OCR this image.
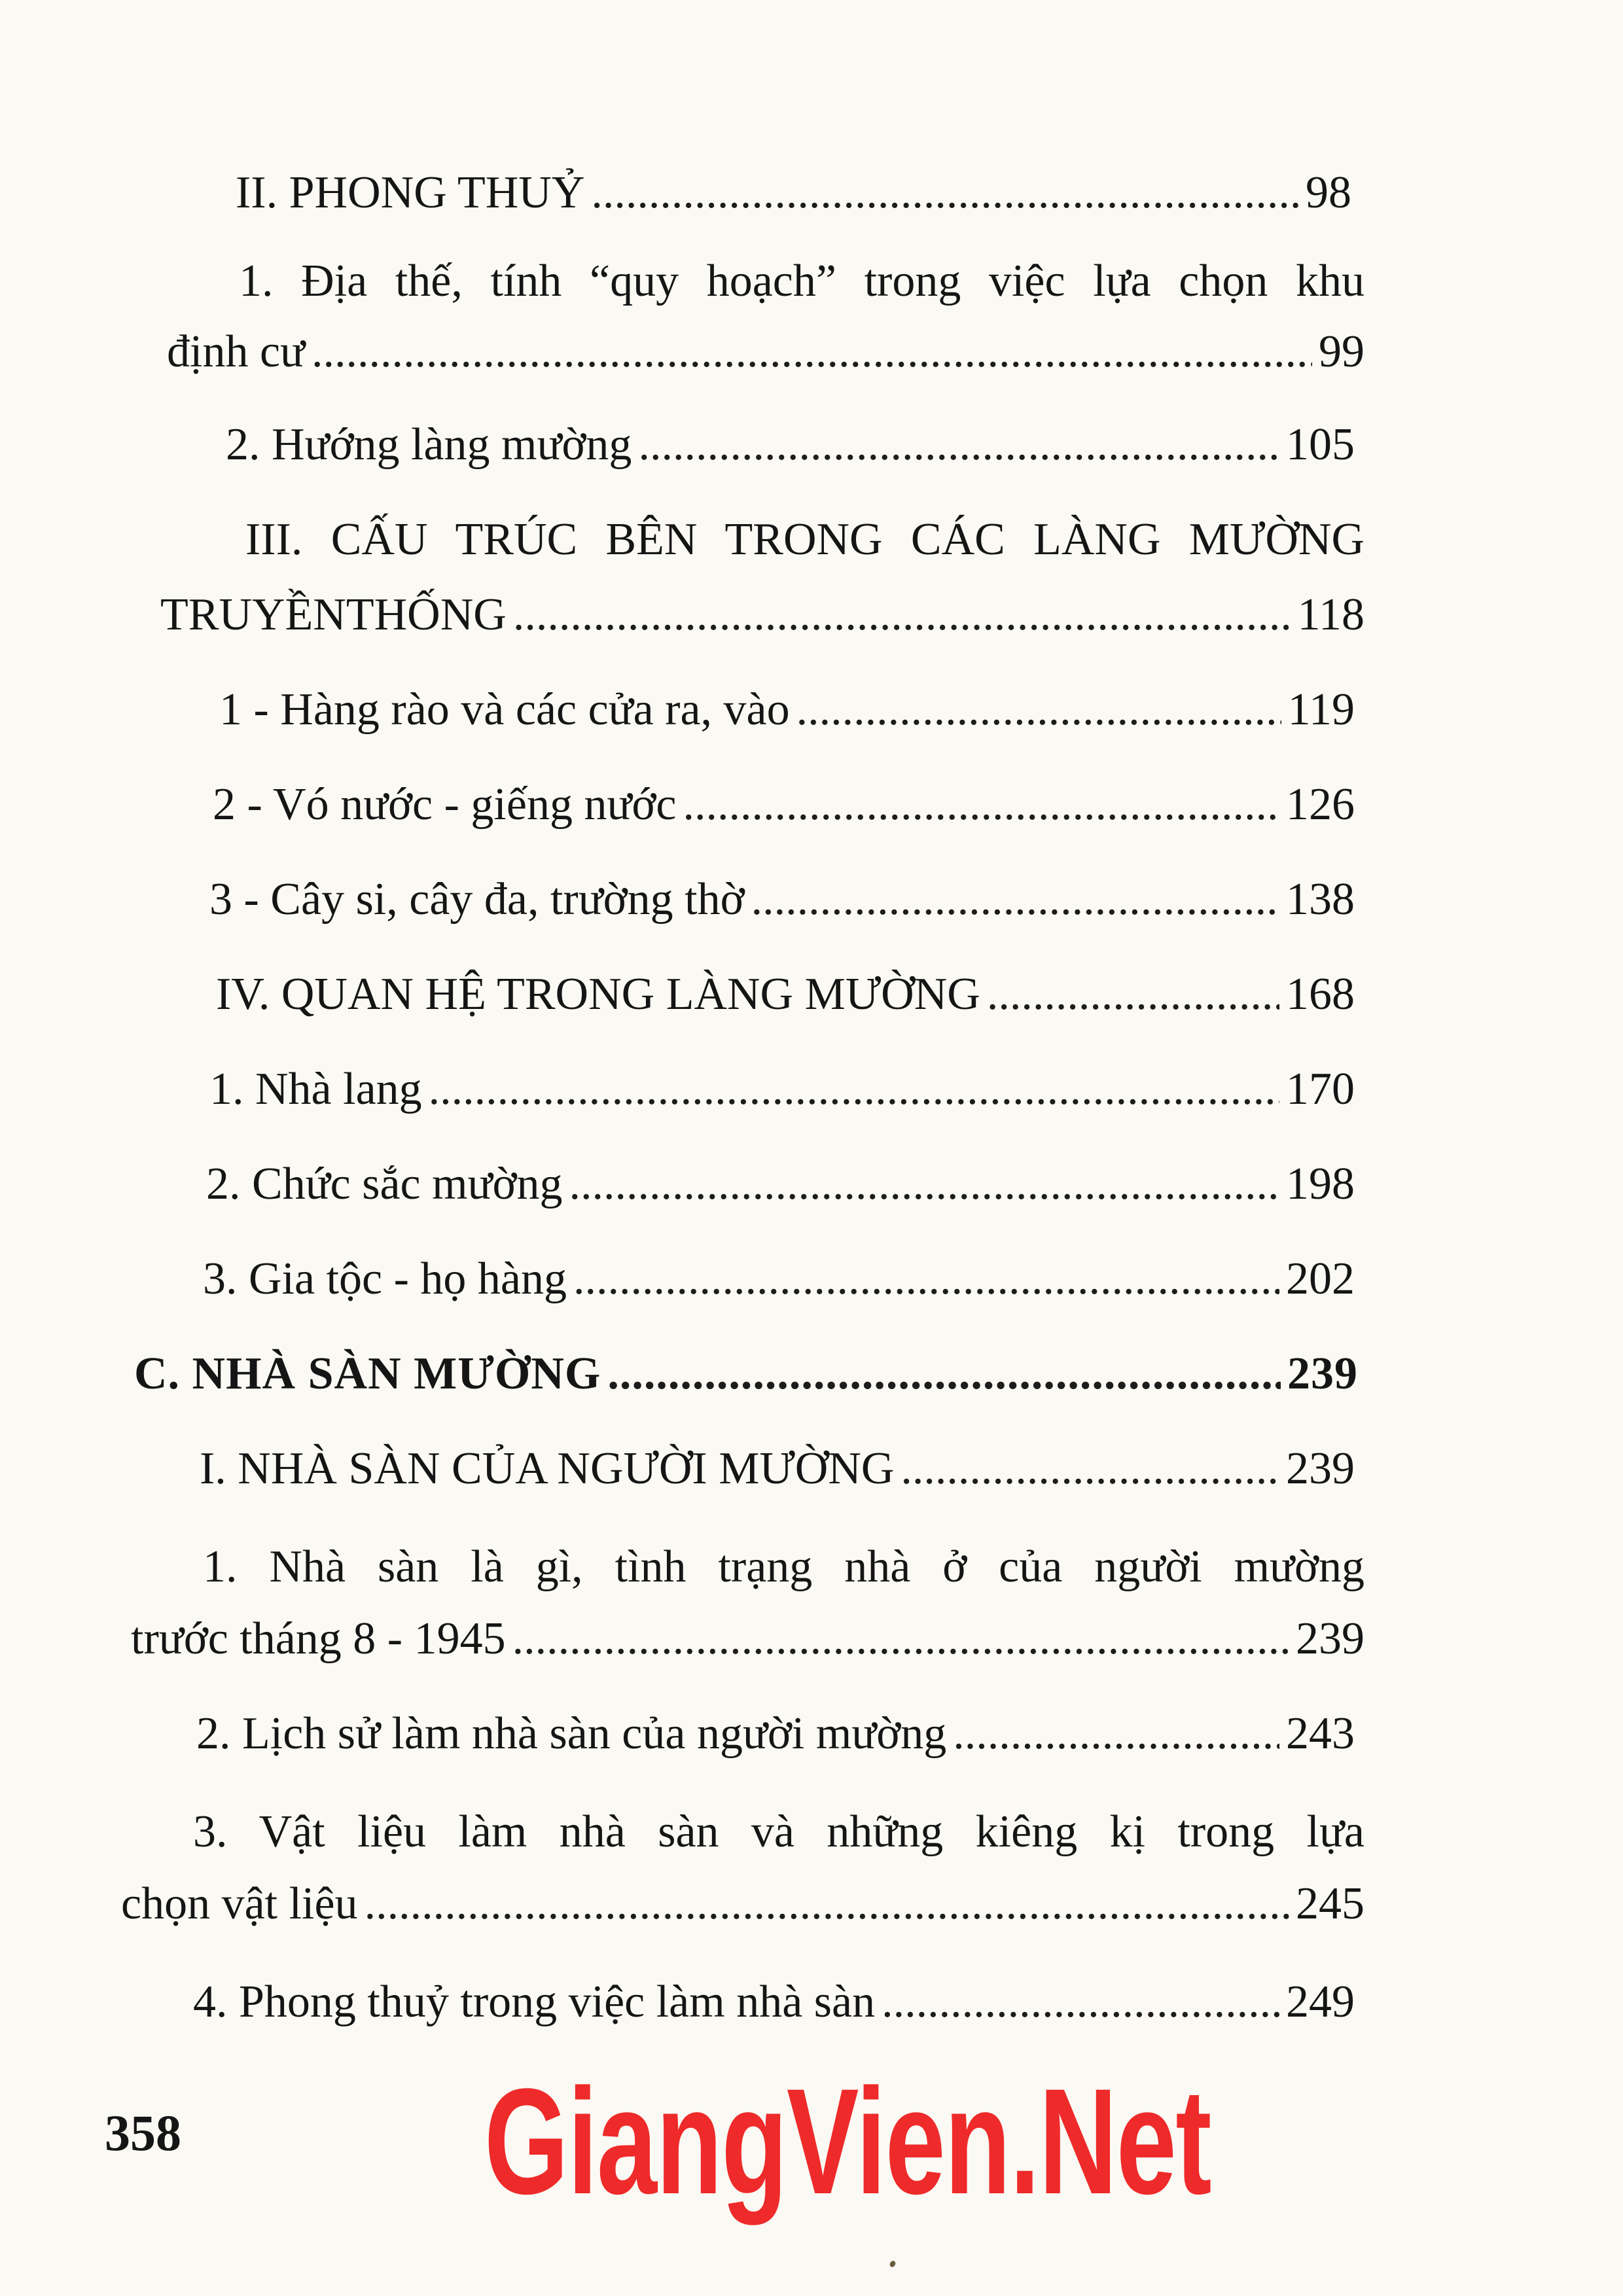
II. PHONG THUỶ .....	98
1. Địa thế, tính “quy hoạch” trong việc lựa chọn khu
định cư .....	99
2. Hướng làng mường .....	105
III. CẤU TRÚC BÊN TRONG CÁC LÀNG MƯỜNG
TRUYỀNTHỐNG .....	118
1 - Hàng rào và các cửa ra, vào .....	119
2 - Vó nước - giếng nước .....	126
3 - Cây si, cây đa, trường thờ .....	138
IV. QUAN HỆ TRONG LÀNG MƯỜNG .....	168
1. Nhà lang .....	170
2. Chức sắc mường .....	198
3. Gia tộc - họ hàng .....	202
C. NHÀ SÀN MƯỜNG .....	239
I. NHÀ SÀN CỦA NGƯỜI MƯỜNG .....	239
1. Nhà sàn là gì, tình trạng nhà ở của người mường
trước tháng 8 - 1945 .....	239
2. Lịch sử làm nhà sàn của người mường .....	243
3. Vật liệu làm nhà sàn và những kiêng kị trong lựa
chọn vật liệu .....	245
4. Phong thuỷ trong việc làm nhà sàn .....	249
358 GiangVien.Net
